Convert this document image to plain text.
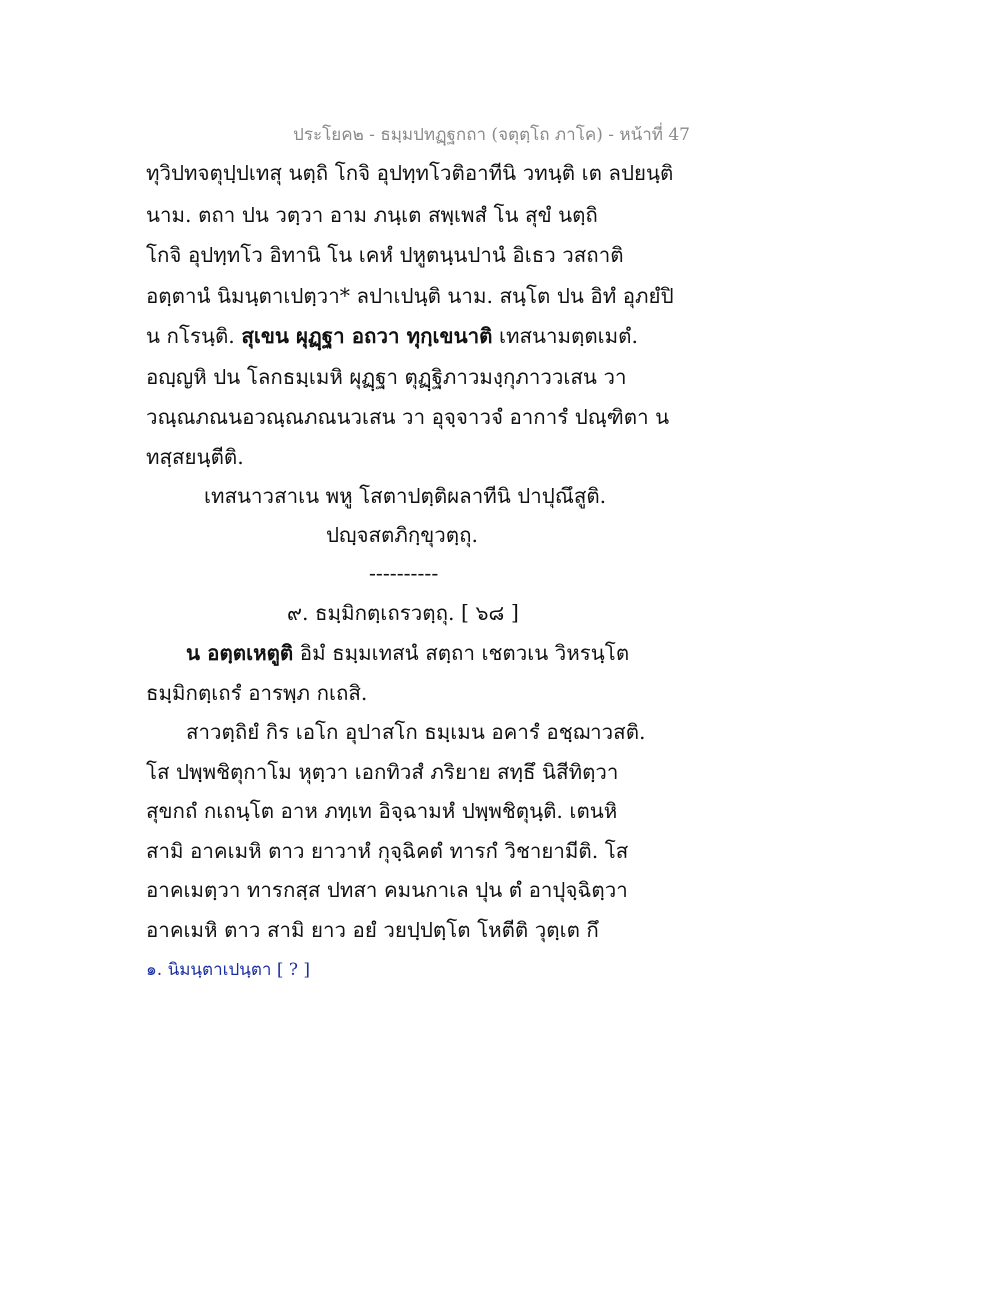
ประโยค๒ - ธมฺมปทฏฺฐกถา (จตุตฺโถ ภาโค) - หน้าที่ 47
ทุวิปทจตุปฺปเทสุ นตฺถิ โกจิ อุปทฺทโวติอาทีนิ วทนฺติ เต ลปยนฺติ
นาม. ตถา ปน วตฺวา อาม ภนฺเต สพฺเพสํ โน สุขํ นตฺถิ
โกจิ อุปทฺทโว อิทานิ โน เคหํ ปหูตนฺนปานํ อิเธว วสถาติ
อตฺตานํ นิมนฺตาเปตฺวา* ลปาเปนฺติ นาม. สนฺโต ปน อิทํ อุภยํปิ
น กโรนฺติ. สุเขน ผุฏฺฐา อถวา ทุกฺเขนาติ เทสนามตฺตเมตํ.
อญฺญหิ ปน โลกธมฺเมหิ ผุฏฺฐา ตุฏฺฐิภาวมงฺกุภาววเสน วา
วณฺณภณนอวณฺณภณนวเสน วา อุจฺจาวจํ อาการํ ปณฺฑิตา น
ทสฺสยนฺตีติ.
เทสนาวสาเน พหู โสตาปตฺติผลาทีนิ ปาปุณึสูติ.
ปญฺจสตภิกฺขุวตฺถุ.
----------
๙. ธมฺมิกตฺเถรวตฺถุ. [ ๖๘ ]
น อตฺตเหตูติ อิมํ ธมฺมเทสนํ สตฺถา เชตวเน วิหรนฺโต
ธมฺมิกตฺเถรํ อารพฺภ กเถสิ.
สาวตฺถิยํ กิร เอโก อุปาสโก ธมฺเมน อคารํ อชฺฌาวสติ.
โส ปพฺพชิตุกาโม หุตฺวา เอกทิวสํ ภริยาย สทฺธึ นิสีทิตฺวา
สุขกถํ กเถนฺโต อาห ภทฺเท อิจฺฉามหํ ปพฺพชิตุนฺติ. เตนหิ
สามิ อาคเมหิ ตาว ยาวาหํ กุจฺฉิคตํ ทารกํ วิชายามีติ. โส
อาคเมตฺวา ทารกสฺส ปทสา คมนกาเล ปุน ตํ อาปุจฺฉิตฺวา
อาคเมหิ ตาว สามิ ยาว อยํ วยปฺปตฺโต โหตีติ วุตฺเต กึ
๑. นิมนฺตาเปนฺตา [ ? ]
